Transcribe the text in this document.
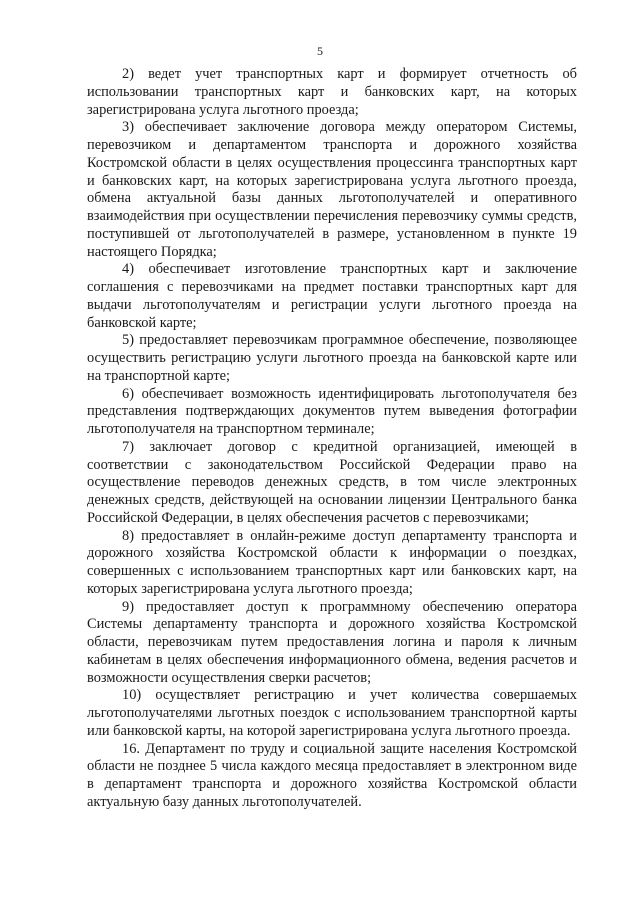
5

2) ведет учет транспортных карт и формирует отчетность об использовании транспортных карт и банковских карт, на которых зарегистрирована услуга льготного проезда;

3) обеспечивает заключение договора между оператором Системы, перевозчиком и департаментом транспорта и дорожного хозяйства Костромской области в целях осуществления процессинга транспортных карт и банковских карт, на которых зарегистрирована услуга льготного проезда, обмена актуальной базы данных льготополучателей и оперативного взаимодействия при осуществлении перечисления перевозчику суммы средств, поступившей от льготополучателей в размере, установленном в пункте 19 настоящего Порядка;

4) обеспечивает изготовление транспортных карт и заключение соглашения с перевозчиками на предмет поставки транспортных карт для выдачи льготополучателям и регистрации услуги льготного проезда на банковской карте;

5) предоставляет перевозчикам программное обеспечение, позволяющее осуществить регистрацию услуги льготного проезда на банковской карте или на транспортной карте;

6) обеспечивает возможность идентифицировать льготополучателя без представления подтверждающих документов путем выведения фотографии льготополучателя на транспортном терминале;

7) заключает договор с кредитной организацией, имеющей в соответствии с законодательством Российской Федерации право на осуществление переводов денежных средств, в том числе электронных денежных средств, действующей на основании лицензии Центрального банка Российской Федерации, в целях обеспечения расчетов с перевозчиками;

8) предоставляет в онлайн-режиме доступ департаменту транспорта и дорожного хозяйства Костромской области к информации о поездках, совершенных с использованием транспортных карт или банковских карт, на которых зарегистрирована услуга льготного проезда;

9) предоставляет доступ к программному обеспечению оператора Системы департаменту транспорта и дорожного хозяйства Костромской области, перевозчикам путем предоставления логина и пароля к личным кабинетам в целях обеспечения информационного обмена, ведения расчетов и возможности осуществления сверки расчетов;

10) осуществляет регистрацию и учет количества совершаемых льготополучателями льготных поездок с использованием транспортной карты или банковской карты, на которой зарегистрирована услуга льготного проезда.

16. Департамент по труду и социальной защите населения Костромской области не позднее 5 числа каждого месяца предоставляет в электронном виде в департамент транспорта и дорожного хозяйства Костромской области актуальную базу данных льготополучателей.
